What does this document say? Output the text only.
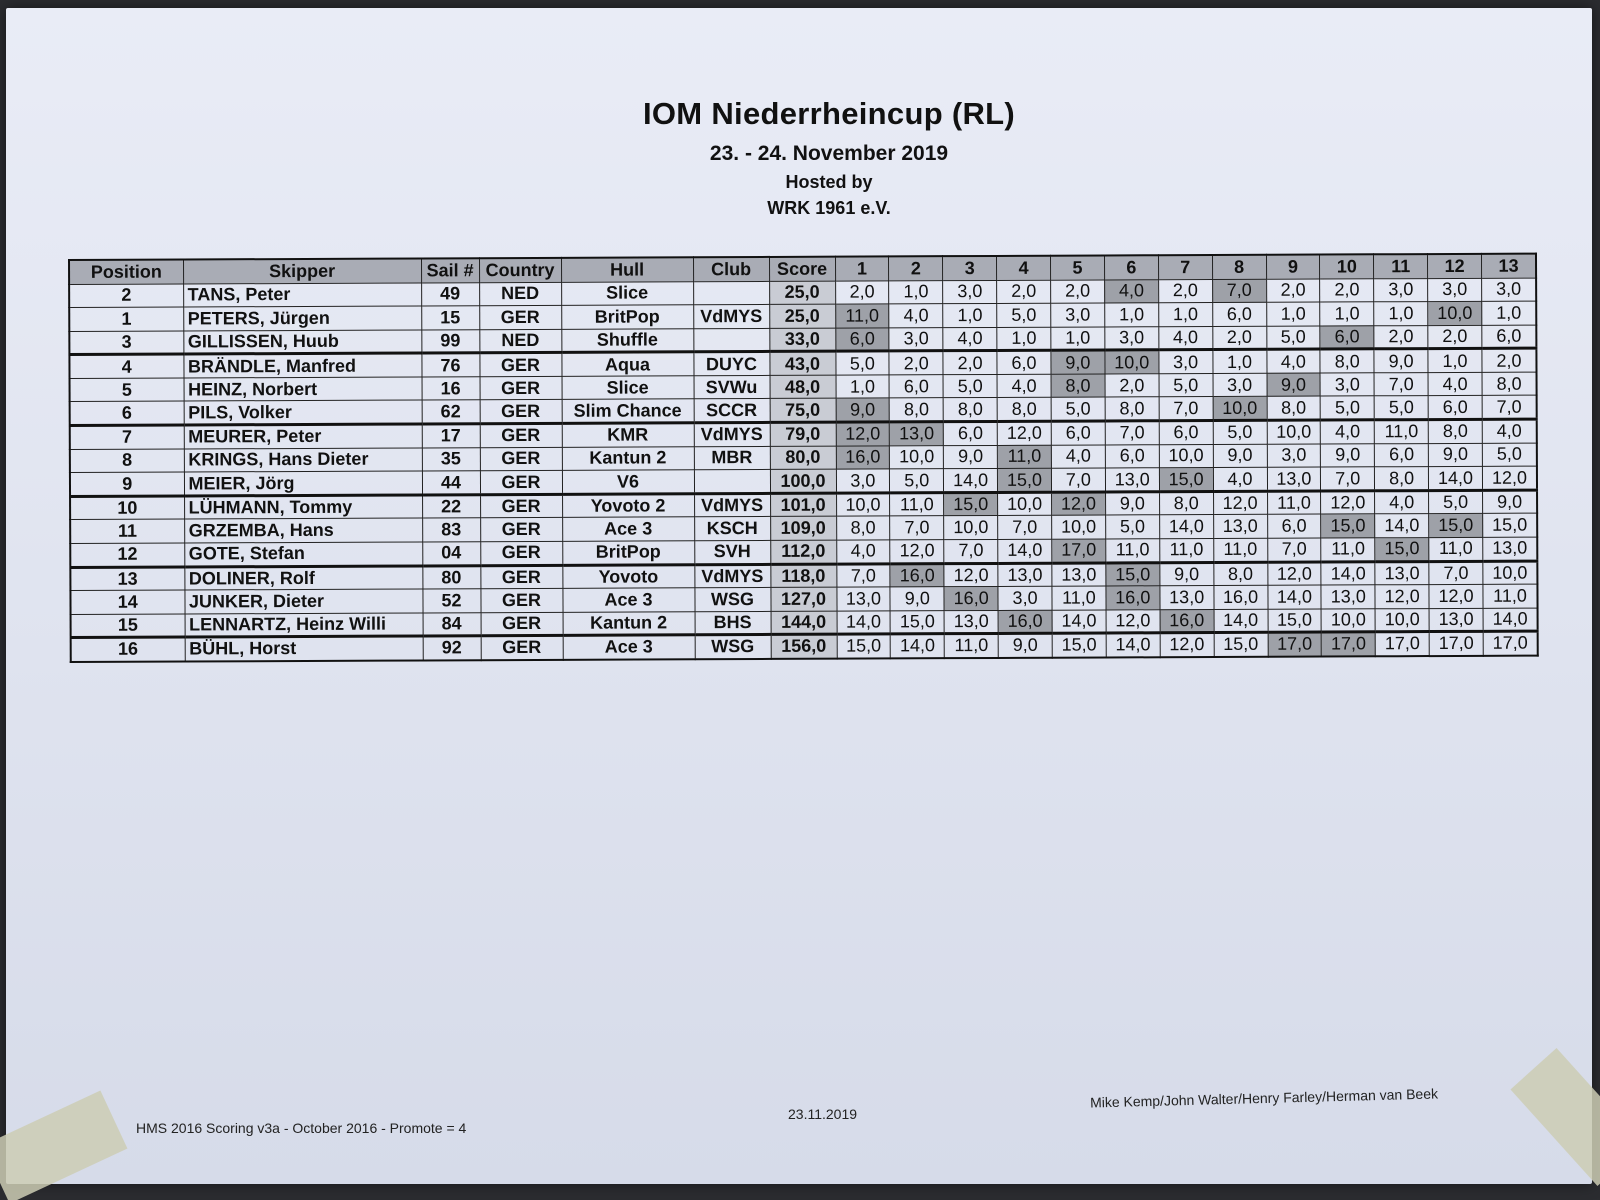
IOM Niederrheincup (RL)
23. - 24. November 2019
Hosted by
WRK 1961 e.V.
Position	Skipper	Sail #	Country	Hull	Club	Score	1	2	3	4	5	6	7	8	9	10	11	12	13
2	TANS, Peter	49	NED	Slice		25,0	2,0	1,0	3,0	2,0	2,0	4,0	2,0	7,0	2,0	2,0	3,0	3,0	3,0
1	PETERS, Jürgen	15	GER	BritPop	VdMYS	25,0	11,0	4,0	1,0	5,0	3,0	1,0	1,0	6,0	1,0	1,0	1,0	10,0	1,0
3	GILLISSEN, Huub	99	NED	Shuffle		33,0	6,0	3,0	4,0	1,0	1,0	3,0	4,0	2,0	5,0	6,0	2,0	2,0	6,0
4	BRÄNDLE, Manfred	76	GER	Aqua	DUYC	43,0	5,0	2,0	2,0	6,0	9,0	10,0	3,0	1,0	4,0	8,0	9,0	1,0	2,0
5	HEINZ, Norbert	16	GER	Slice	SVWu	48,0	1,0	6,0	5,0	4,0	8,0	2,0	5,0	3,0	9,0	3,0	7,0	4,0	8,0
6	PILS, Volker	62	GER	Slim Chance	SCCR	75,0	9,0	8,0	8,0	8,0	5,0	8,0	7,0	10,0	8,0	5,0	5,0	6,0	7,0
7	MEURER, Peter	17	GER	KMR	VdMYS	79,0	12,0	13,0	6,0	12,0	6,0	7,0	6,0	5,0	10,0	4,0	11,0	8,0	4,0
8	KRINGS, Hans Dieter	35	GER	Kantun 2	MBR	80,0	16,0	10,0	9,0	11,0	4,0	6,0	10,0	9,0	3,0	9,0	6,0	9,0	5,0
9	MEIER, Jörg	44	GER	V6		100,0	3,0	5,0	14,0	15,0	7,0	13,0	15,0	4,0	13,0	7,0	8,0	14,0	12,0
10	LÜHMANN, Tommy	22	GER	Yovoto 2	VdMYS	101,0	10,0	11,0	15,0	10,0	12,0	9,0	8,0	12,0	11,0	12,0	4,0	5,0	9,0
11	GRZEMBA, Hans	83	GER	Ace 3	KSCH	109,0	8,0	7,0	10,0	7,0	10,0	5,0	14,0	13,0	6,0	15,0	14,0	15,0	15,0
12	GOTE, Stefan	04	GER	BritPop	SVH	112,0	4,0	12,0	7,0	14,0	17,0	11,0	11,0	11,0	7,0	11,0	15,0	11,0	13,0
13	DOLINER, Rolf	80	GER	Yovoto	VdMYS	118,0	7,0	16,0	12,0	13,0	13,0	15,0	9,0	8,0	12,0	14,0	13,0	7,0	10,0
14	JUNKER, Dieter	52	GER	Ace 3	WSG	127,0	13,0	9,0	16,0	3,0	11,0	16,0	13,0	16,0	14,0	13,0	12,0	12,0	11,0
15	LENNARTZ, Heinz Willi	84	GER	Kantun 2	BHS	144,0	14,0	15,0	13,0	16,0	14,0	12,0	16,0	14,0	15,0	10,0	10,0	13,0	14,0
16	BÜHL, Horst	92	GER	Ace 3	WSG	156,0	15,0	14,0	11,0	9,0	15,0	14,0	12,0	15,0	17,0	17,0	17,0	17,0	17,0
HMS 2016 Scoring v3a - October 2016 - Promote = 4
23.11.2019
Mike Kemp/John Walter/Henry Farley/Herman van Beek
